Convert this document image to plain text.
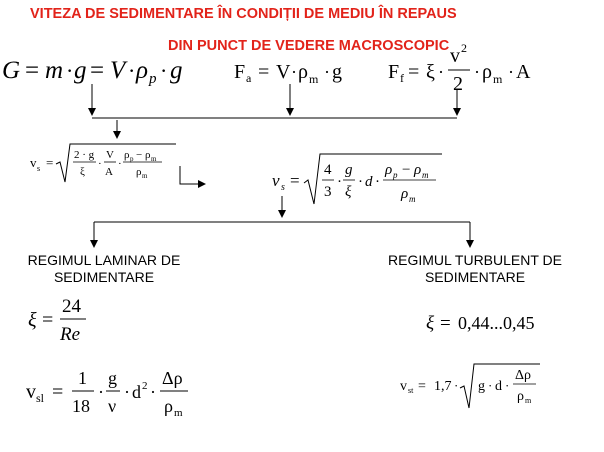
VITEZA DE SEDIMENTARE ÎN CONDIȚII DE MEDIU ÎN REPAUS
DIN PUNCT DE VEDERE MACROSCOPIC
G = m · g = V · ρ p · g	F a = V · ρ m · g F f = ξ ·
v 2
2
· ρ m · A
v s = 2 · g
ξ
·
V
A
·
ρ p − ρ m
ρ m	v s =
4
3
·
g
ξ
· d ·
ρ p − ρ m
ρ m
REGIMUL LAMINAR DE
SEDIMENTARE
REGIMUL TURBULENT DE
SEDIMENTARE
ξ =
24
Re
ξ = 0,44...0,45
v sl =
1
18
·
g
ν
· d 2 ·
Δρ
ρ m
v st = 1,7 · g · d ·
Δρ
ρ m
